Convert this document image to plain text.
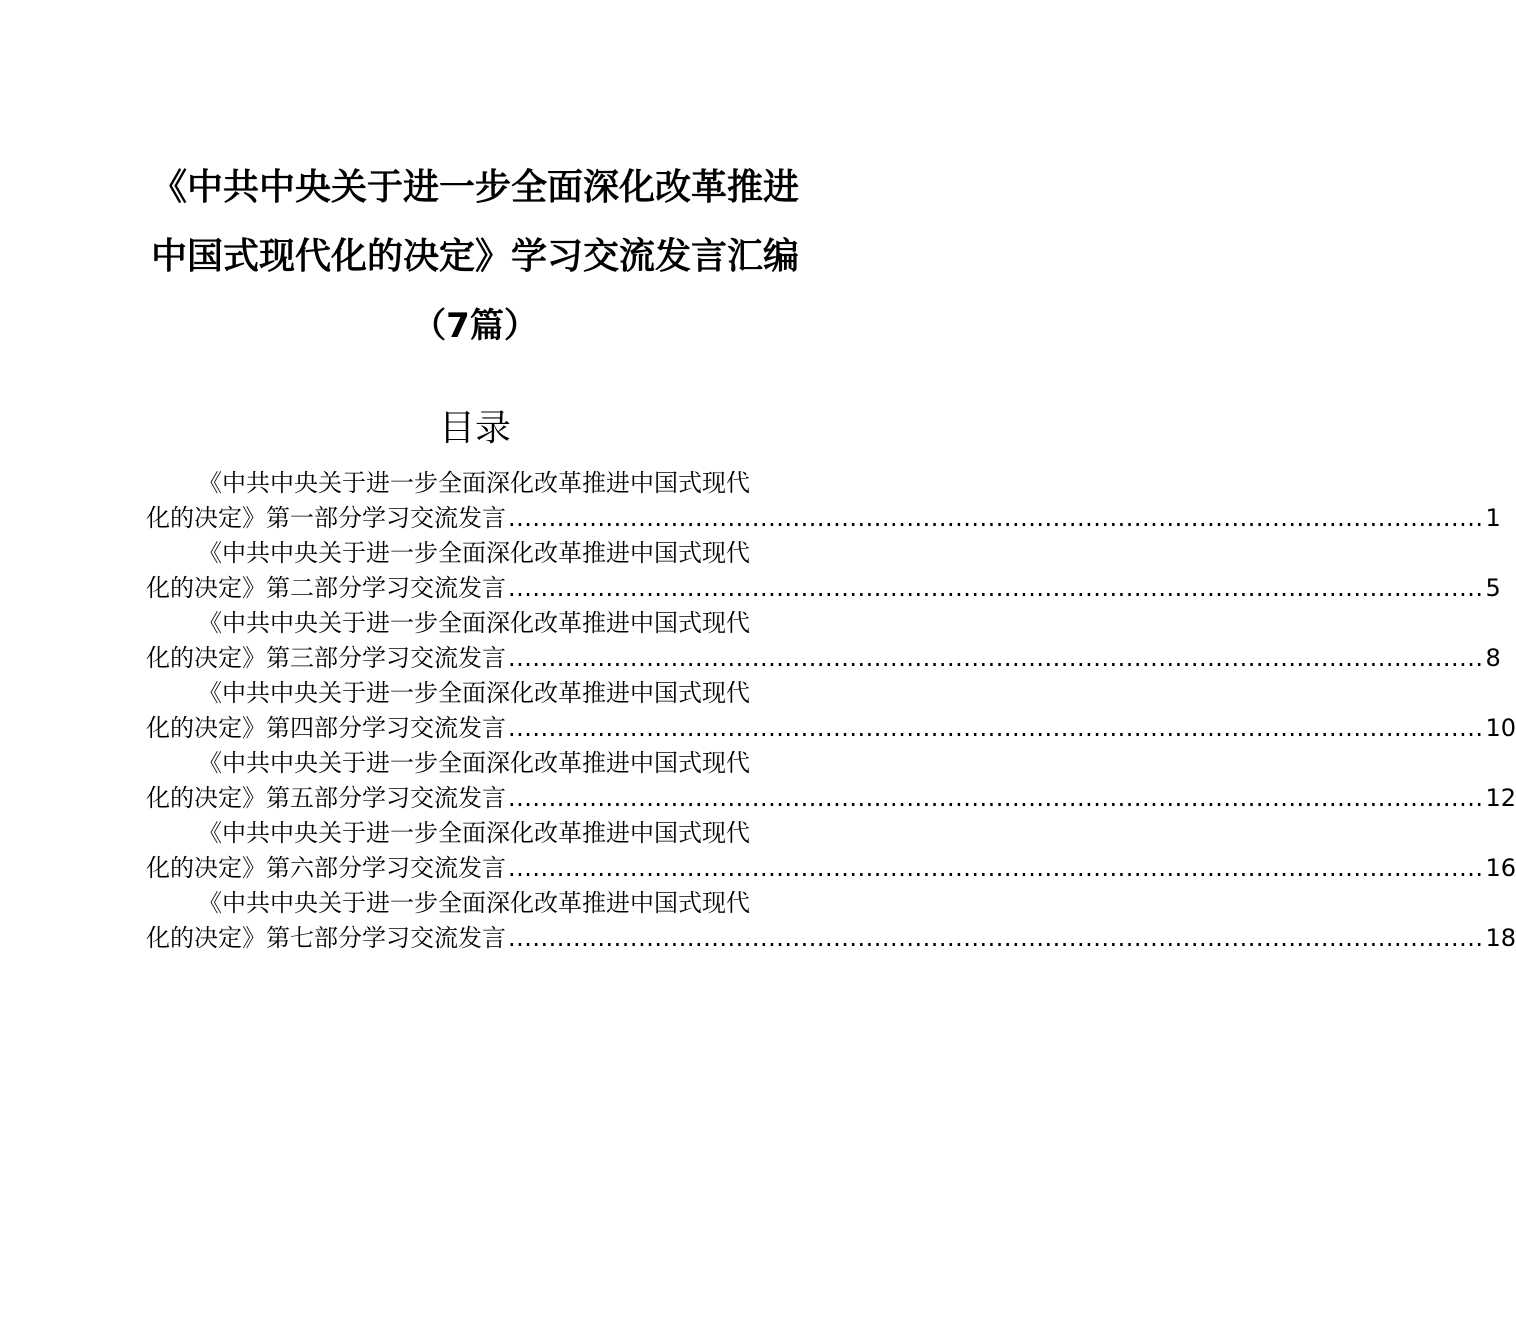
《中共中央关于进一步全面深化改革推进
中国式现代化的决定》学习交流发言汇编
（7篇）
目录
《中共中央关于进一步全面深化改革推进中国式现代
化的决定》第一部分学习交流发言 ........................................................................................................................ 1
《中共中央关于进一步全面深化改革推进中国式现代
化的决定》第二部分学习交流发言 ........................................................................................................................ 5
《中共中央关于进一步全面深化改革推进中国式现代
化的决定》第三部分学习交流发言 ........................................................................................................................ 8
《中共中央关于进一步全面深化改革推进中国式现代
化的决定》第四部分学习交流发言 ........................................................................................................................ 10
《中共中央关于进一步全面深化改革推进中国式现代
化的决定》第五部分学习交流发言 ........................................................................................................................ 12
《中共中央关于进一步全面深化改革推进中国式现代
化的决定》第六部分学习交流发言 ........................................................................................................................ 16
《中共中央关于进一步全面深化改革推进中国式现代
化的决定》第七部分学习交流发言 ........................................................................................................................ 18
